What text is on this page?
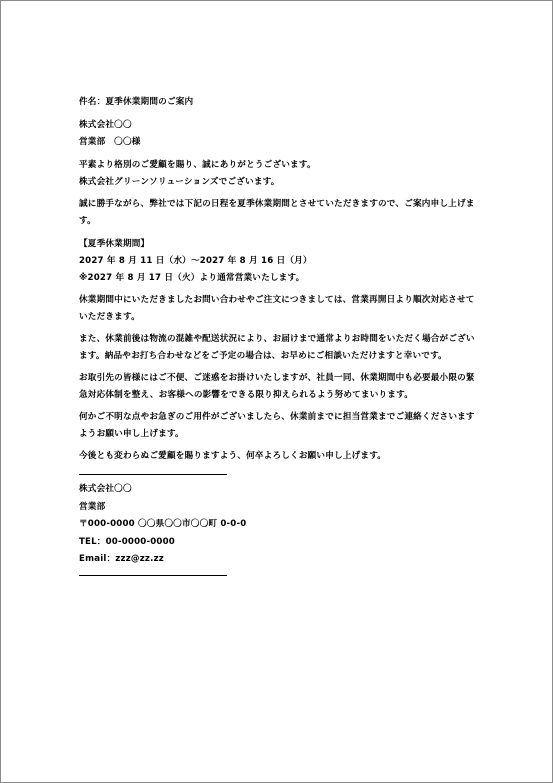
件名：夏季休業期間のご案内

株式会社〇〇

営業部　〇〇様

平素より格別のご愛顧を賜り、誠にありがとうございます。

株式会社グリーンソリューションズでございます。

誠に勝手ながら、弊社では下記の日程を夏季休業期間とさせていただきますので、ご案内申し上げます。

【夏季休業期間】

2027 年 8 月 11 日（水）～2027 年 8 月 16 日（月）

※2027 年 8 月 17 日（火）より通常営業いたします。

休業期間中にいただきましたお問い合わせやご注文につきましては、営業再開日より順次対応させていただきます。

また、休業前後は物流の混雑や配送状況により、お届けまで通常よりお時間をいただく場合がございます。納品やお打ち合わせなどをご予定の場合は、お早めにご相談いただけますと幸いです。

お取引先の皆様にはご不便、ご迷惑をお掛けいたしますが、社員一同、休業期間中も必要最小限の緊急対応体制を整え、お客様への影響をできる限り抑えられるよう努めてまいります。

何かご不明な点やお急ぎのご用件がございましたら、休業前までに担当営業までご連絡くださいますようお願い申し上げます。

今後とも変わらぬご愛顧を賜りますよう、何卒よろしくお願い申し上げます。

株式会社〇〇

営業部

〒000-0000 〇〇県〇〇市〇〇町 0-0-0

TEL：00-0000-0000

Email：zzz@zz.zz
